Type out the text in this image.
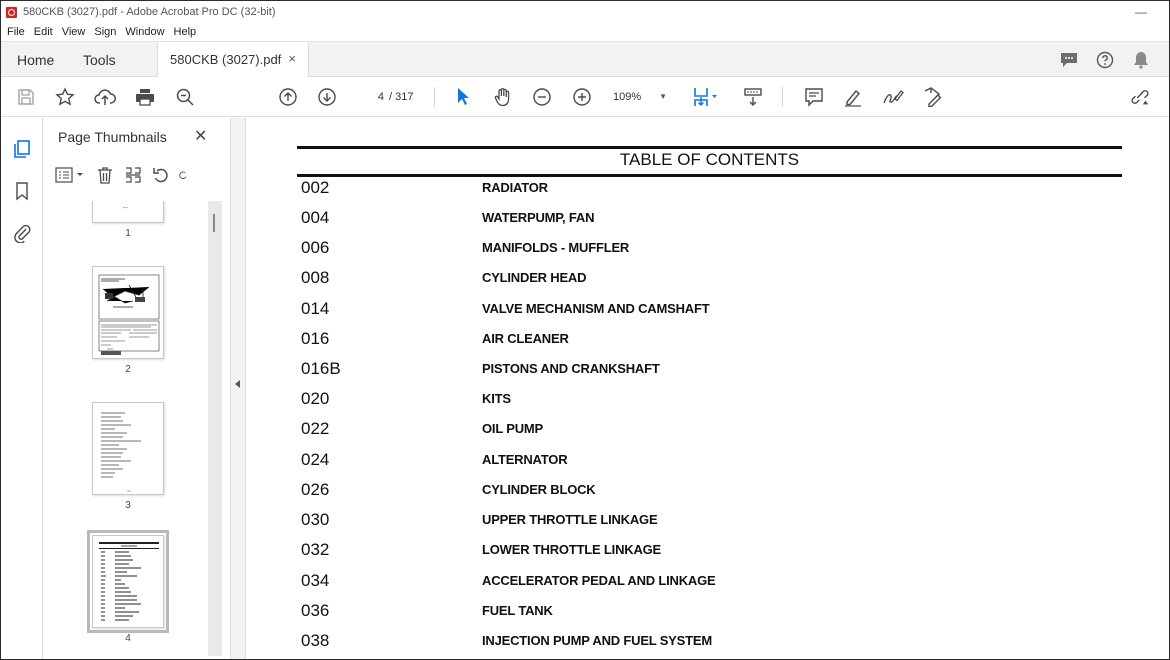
580CKB (3027).pdf - Adobe Acrobat Pro DC (32-bit)	—
File Edit View Sign Window Help
Home Tools	580CKB (3027).pdf ×
4 / 317	109% ▼
Page Thumbnails ✕
--
1
2
3
4
TABLE OF CONTENTS
002	RADIATOR
004	WATERPUMP, FAN
006	MANIFOLDS - MUFFLER
008	CYLINDER HEAD
014	VALVE MECHANISM AND CAMSHAFT
016	AIR CLEANER
016B	PISTONS AND CRANKSHAFT
020	KITS
022	OIL PUMP
024	ALTERNATOR
026	CYLINDER BLOCK
030	UPPER THROTTLE LINKAGE
032	LOWER THROTTLE LINKAGE
034	ACCELERATOR PEDAL AND LINKAGE
036	FUEL TANK
038	INJECTION PUMP AND FUEL SYSTEM
